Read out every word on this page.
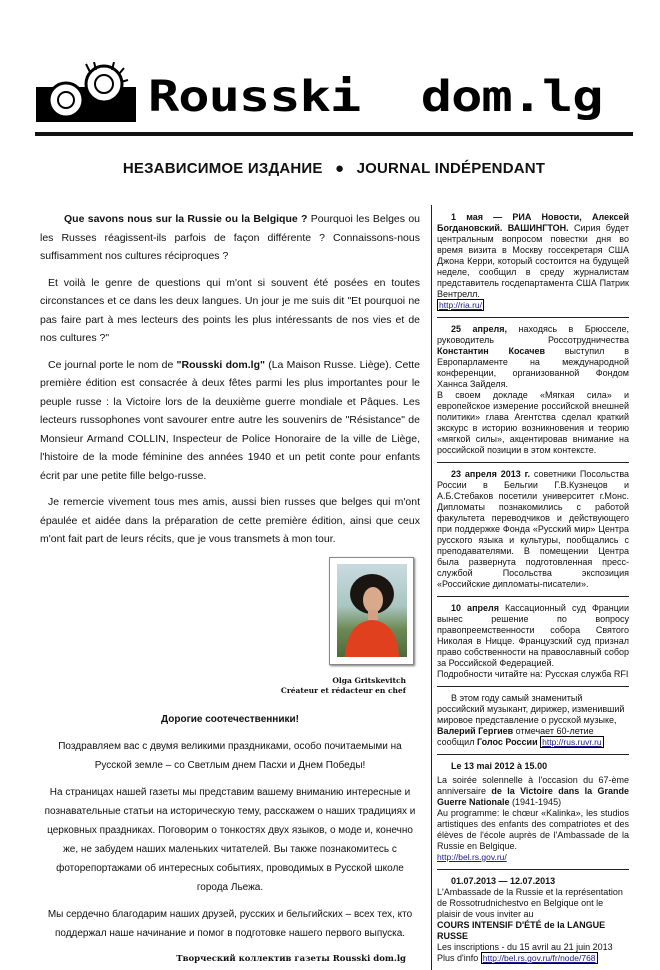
Rousski  dom.lg
НЕЗАВИСИМОЕ ИЗДАНИЕ ● JOURNAL INDÉPENDANT
Que savons nous sur la Russie ou la Belgique ? Pourquoi les Belges ou les Russes réagissent-ils parfois de façon différente ? Connaissons-nous suffisamment nos cultures réciproques ?
Et voilà le genre de questions qui m'ont si souvent été posées en toutes circonstances et ce dans les deux langues. Un jour je me suis dit "Et pourquoi ne pas faire part à mes lecteurs des points les plus intéressants de nos vies et de nos cultures ?"
Ce journal porte le nom de "Rousski dom.lg" (La Maison Russe. Liège). Cette première édition est consacrée à deux fêtes parmi les plus importantes pour le peuple russe : la Victoire lors de la deuxième guerre mondiale et Pâques. Les lecteurs russophones vont savourer entre autre les souvenirs de "Résistance" de Monsieur Armand COLLIN, Inspecteur de Police Honoraire de la ville de Liège, l'histoire de la mode féminine des années 1940 et un petit conte pour enfants écrit par une petite fille belgo-russe.
Je remercie vivement tous mes amis, aussi bien russes que belges qui m'ont épaulée et aidée dans la préparation de cette première édition, ainsi que ceux m'ont fait part de leurs récits, que je vous transmets à mon tour.
Olga Gritskevitch
Créateur et rédacteur en chef
Дорогие соотечественники!
Поздравляем вас с двумя великими праздниками, особо почитаемыми на Русской земле – со Светлым днем Пасхи и Днем Победы!
На страницах нашей газеты мы представим вашему вниманию интересные и познавательные статьи на историческую тему, расскажем о наших традициях и церковных праздниках. Поговорим о тонкостях двух языков, о моде и, конечно же, не забудем наших маленьких читателей. Вы также познакомитесь с фоторепортажами об интересных событиях, проводимых в Русской школе города Льежа.
Мы сердечно благодарим наших друзей, русских и бельгийских – всех тех, кто поддержал наше начинание и помог в подготовке нашего первого выпуска.
Творческий коллектив газеты Rousski dom.lg
1 мая — РИА Новости, Алексей Богдановский. ВАШИНГТОН. Сирия будет центральным вопросом повестки дня во время визита в Москву госсекретаря США Джона Керри, который состоится на будущей неделе, сообщил в среду журналистам представитель госдепартамента США Патрик Вентрелл.
http://ria.ru/
25 апреля, находясь в Брюсселе, руководитель Россотрудничества Константин Косачев выступил в Европарламенте на международной конференции, организованной Фондом Ханнса Зайделя.
В своем докладе «Мягкая сила» и европейское измерение российской внешней политики» глава Агентства сделал краткий экскурс в историю возникновения и теорию «мягкой силы», акцентировав внимание на российской позиции в этом контексте.
23 апреля 2013 г. советники Посольства России в Бельгии Г.В.Кузнецов и А.Б.Стебаков посетили университет г.Монс. Дипломаты познакомились с работой факультета переводчиков и действующего при поддержке Фонда «Русский мир» Центра русского языка и культуры, пообщались с преподавателями. В помещении Центра была развернута подготовленная пресс-службой Посольства экспозиция «Российские дипломаты-писатели».
10 апреля Кассационный суд Франции вынес решение по вопросу правопреемственности собора Святого Николая в Ницце. Французский суд признал право собственности на православный собор за Российской Федерацией.
Подробности читайте на: Русская служба RFI
В этом году самый знаменитый российский музыкант, дирижер, изменивший мировое представление о русской музыке, Валерий Гергиев отмечает 60-летие
сообщил Голос России http://rus.ruvr.ru
Le 13 mai 2012 à 15.00
La soirée solennelle à l'occasion du 67-ème anniversaire de la Victoire dans la Grande Guerre Nationale (1941-1945)
Au programme: le chœur «Kalinka», les studios artistiques des enfants des compatriotes et des élèves de l'école auprès de l'Ambassade de la Russie en Belgique.
http://bel.rs.gov.ru/
01.07.2013 — 12.07.2013
L'Ambassade de la Russie et la représentation de Rossotrudnichestvo en Belgique ont le plaisir de vous inviter au
COURS INTENSIF D'ÉTÉ de la LANGUE RUSSE
Les inscriptions - du 15 avril au 21 juin 2013
Plus d'info http://bel.rs.gov.ru/fr/node/768
